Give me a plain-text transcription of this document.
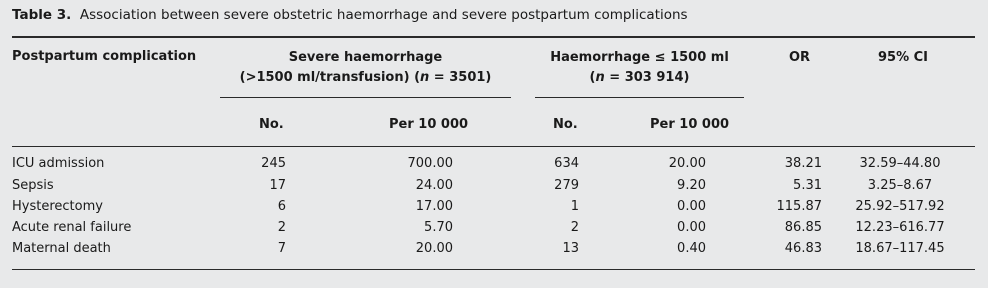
Table 3. Association between severe obstetric haemorrhage and severe postpartum complications
Postpartum complication	Severe haemorrhage
(>1500 ml/transfusion) (n = 3501)
Haemorrhage ≤ 1500 ml
(n = 303 914)
OR	95% CI
No.	Per 10 000	No.	Per 10 000
ICU admission	245	700.00	634	20.00	38.21	32.59–44.80
Sepsis	17	24.00	279	9.20	5.31	3.25–8.67
Hysterectomy	6	17.00	1	0.00	115.87	25.92–517.92
Acute renal failure	2	5.70	2	0.00	86.85	12.23–616.77
Maternal death	7	20.00	13	0.40	46.83	18.67–117.45
